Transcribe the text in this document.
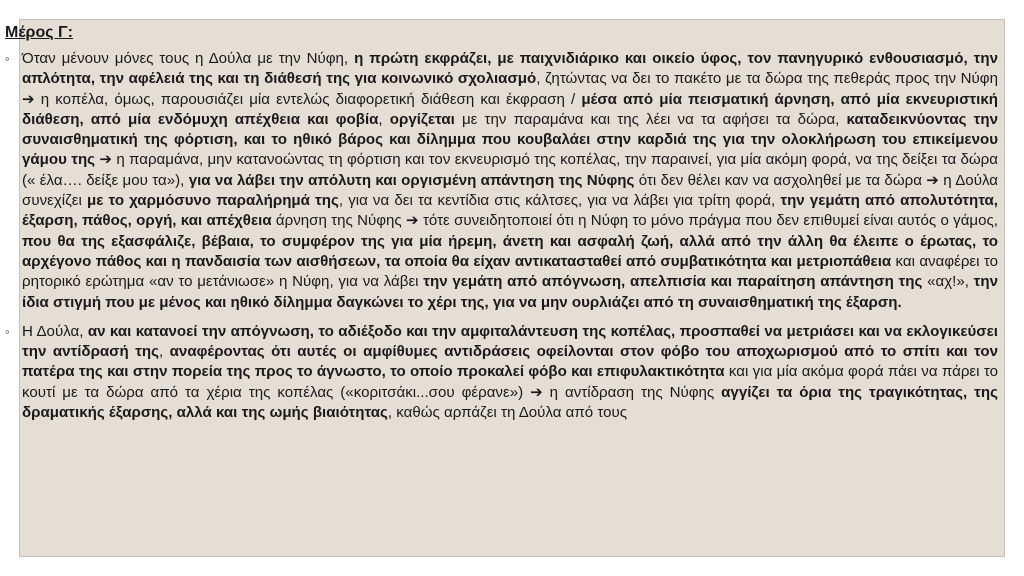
Μέρος Γ:

◦ Όταν μένουν μόνες τους η Δούλα με την Νύφη, η πρώτη εκφράζει, με παιχνιδιάρικο και οικείο ύφος, τον πανηγυρικό ενθουσιασμό, την απλότητα, την αφέλειά της και τη διάθεσή της για κοινωνικό σχολιασμό, ζητώντας να δει το πακέτο με τα δώρα της πεθεράς προς την Νύφη ➔ η κοπέλα, όμως, παρουσιάζει μία εντελώς διαφορετική διάθεση και έκφραση / μέσα από μία πεισματική άρνηση, από μία εκνευριστική διάθεση, από μία ενδόμυχη απέχθεια και φοβία, οργίζεται με την παραμάνα και της λέει να τα αφήσει τα δώρα, καταδεικνύοντας την συναισθηματική της φόρτιση, και το ηθικό βάρος και δίλημμα που κουβαλάει στην καρδιά της για την ολοκλήρωση του επικείμενου γάμου της ➔ η παραμάνα, μην κατανοώντας τη φόρτιση και τον εκνευρισμό της κοπέλας, την παραινεί, για μία ακόμη φορά, να της δείξει τα δώρα (« έλα…. δείξε μου τα»), για να λάβει την απόλυτη και οργισμένη απάντηση της Νύφης ότι δεν θέλει καν να ασχοληθεί με τα δώρα ➔ η Δούλα συνεχίζει με το χαρμόσυνο παραλήρημά της, για να δει τα κεντίδια στις κάλτσες, για να λάβει για τρίτη φορά, την γεμάτη από απολυτότητα, έξαρση, πάθος, οργή, και απέχθεια άρνηση της Νύφης ➔ τότε συνειδητοποιεί ότι η Νύφη το μόνο πράγμα που δεν επιθυμεί είναι αυτός ο γάμος, που θα της εξασφάλιζε, βέβαια, το συμφέρον της για μία ήρεμη, άνετη και ασφαλή ζωή, αλλά από την άλλη θα έλειπε ο έρωτας, το αρχέγονο πάθος και η πανδαισία των αισθήσεων, τα οποία θα είχαν αντικατασταθεί από συμβατικότητα και μετριοπάθεια και αναφέρει το ρητορικό ερώτημα «αν το μετάνιωσε» η Νύφη, για να λάβει την γεμάτη από απόγνωση, απελπισία και παραίτηση απάντηση της «αχ!», την ίδια στιγμή που με μένος και ηθικό δίλημμα δαγκώνει το χέρι της, για να μην ουρλιάζει από τη συναισθηματική της έξαρση.

◦ Η Δούλα, αν και κατανοεί την απόγνωση, το αδιέξοδο και την αμφιταλάντευση της κοπέλας, προσπαθεί να μετριάσει και να εκλογικεύσει την αντίδρασή της, αναφέροντας ότι αυτές οι αμφίθυμες αντιδράσεις οφείλονται στον φόβο του αποχωρισμού από το σπίτι και τον πατέρα της και στην πορεία της προς το άγνωστο, το οποίο προκαλεί φόβο και επιφυλακτικότητα και για μία ακόμα φορά πάει να πάρει το κουτί με τα δώρα από τα χέρια της κοπέλας («κοριτσάκι...σου φέρανε») ➔ η αντίδραση της Νύφης αγγίζει τα όρια της τραγικότητας, της δραματικής έξαρσης, αλλά και της ωμής βιαιότητας, καθώς αρπάζει τη Δούλα από τους
